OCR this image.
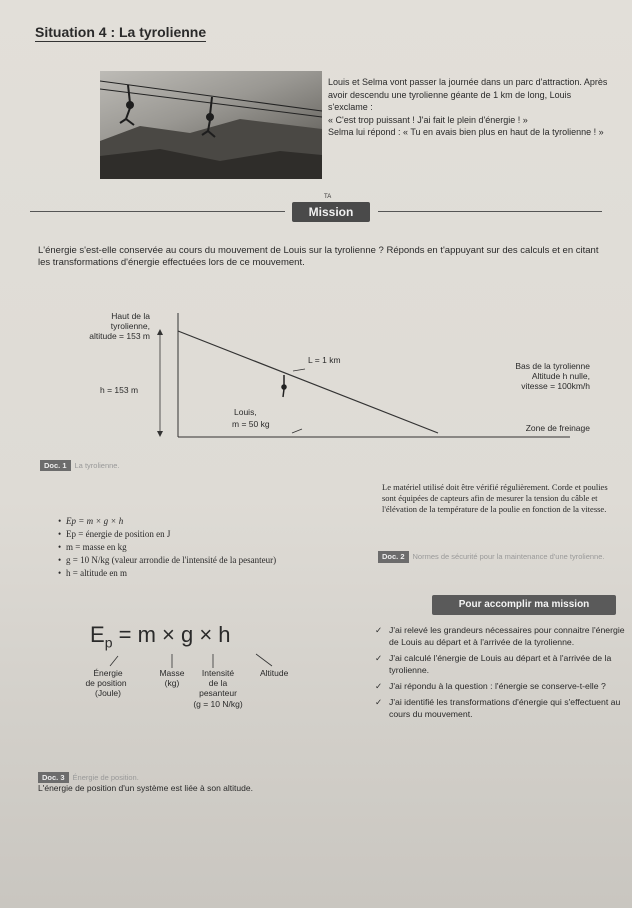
Situation 4 : La tyrolienne

Louis et Selma vont passer la journée dans un parc d'attraction. Après avoir descendu une tyrolienne géante de 1 km de long, Louis s'exclame :

« C'est trop puissant ! J'ai fait le plein d'énergie ! »

Selma lui répond : « Tu en avais bien plus en haut de la tyrolienne ! »

TA
Mission
L'énergie s'est-elle conservée au cours du mouvement de Louis sur la tyrolienne ? Réponds en t'appuyant sur des calculs et en citant les transformations d'énergie effectuées lors de ce mouvement.
Haut de la
tyrolienne,
altitude = 153 m
h = 153 m
L = 1 km
Louis,
m = 50 kg
Bas de la tyrolienne
Altitude h nulle,
vitesse = 100km/h
Zone de freinage
Doc. 1 La tyrolienne.
• Ep = m × g × h
• Ep = énergie de position en J
• m = masse en kg
• g = 10 N/kg (valeur arrondie de l'intensité de la pesanteur)
• h = altitude en m
$E_p = m \times g \times h$
Énergie
de position
(Joule)
Masse
(kg)
Intensité
de la
pesanteur
(g = 10 N/kg)
Altitude
Le matériel utilisé doit être vérifié régulièrement. Corde et poulies sont équipées de capteurs afin de mesurer la tension du câble et l'élévation de la température de la poulie en fonction de la vitesse.
Doc. 2 Normes de sécurité pour la maintenance d'une tyrolienne.
Pour accomplir ma mission
✓ J'ai relevé les grandeurs nécessaires pour connaitre l'énergie de Louis au départ et à l'arrivée de la tyrolienne.
✓ J'ai calculé l'énergie de Louis au départ et à l'arrivée de la tyrolienne.
✓ J'ai répondu à la question : l'énergie se conserve-t-elle ?
✓ J'ai identifié les transformations d'énergie qui s'effectuent au cours du mouvement.
Doc. 3 Énergie de position.
L'énergie de position d'un système est liée à son altitude.
